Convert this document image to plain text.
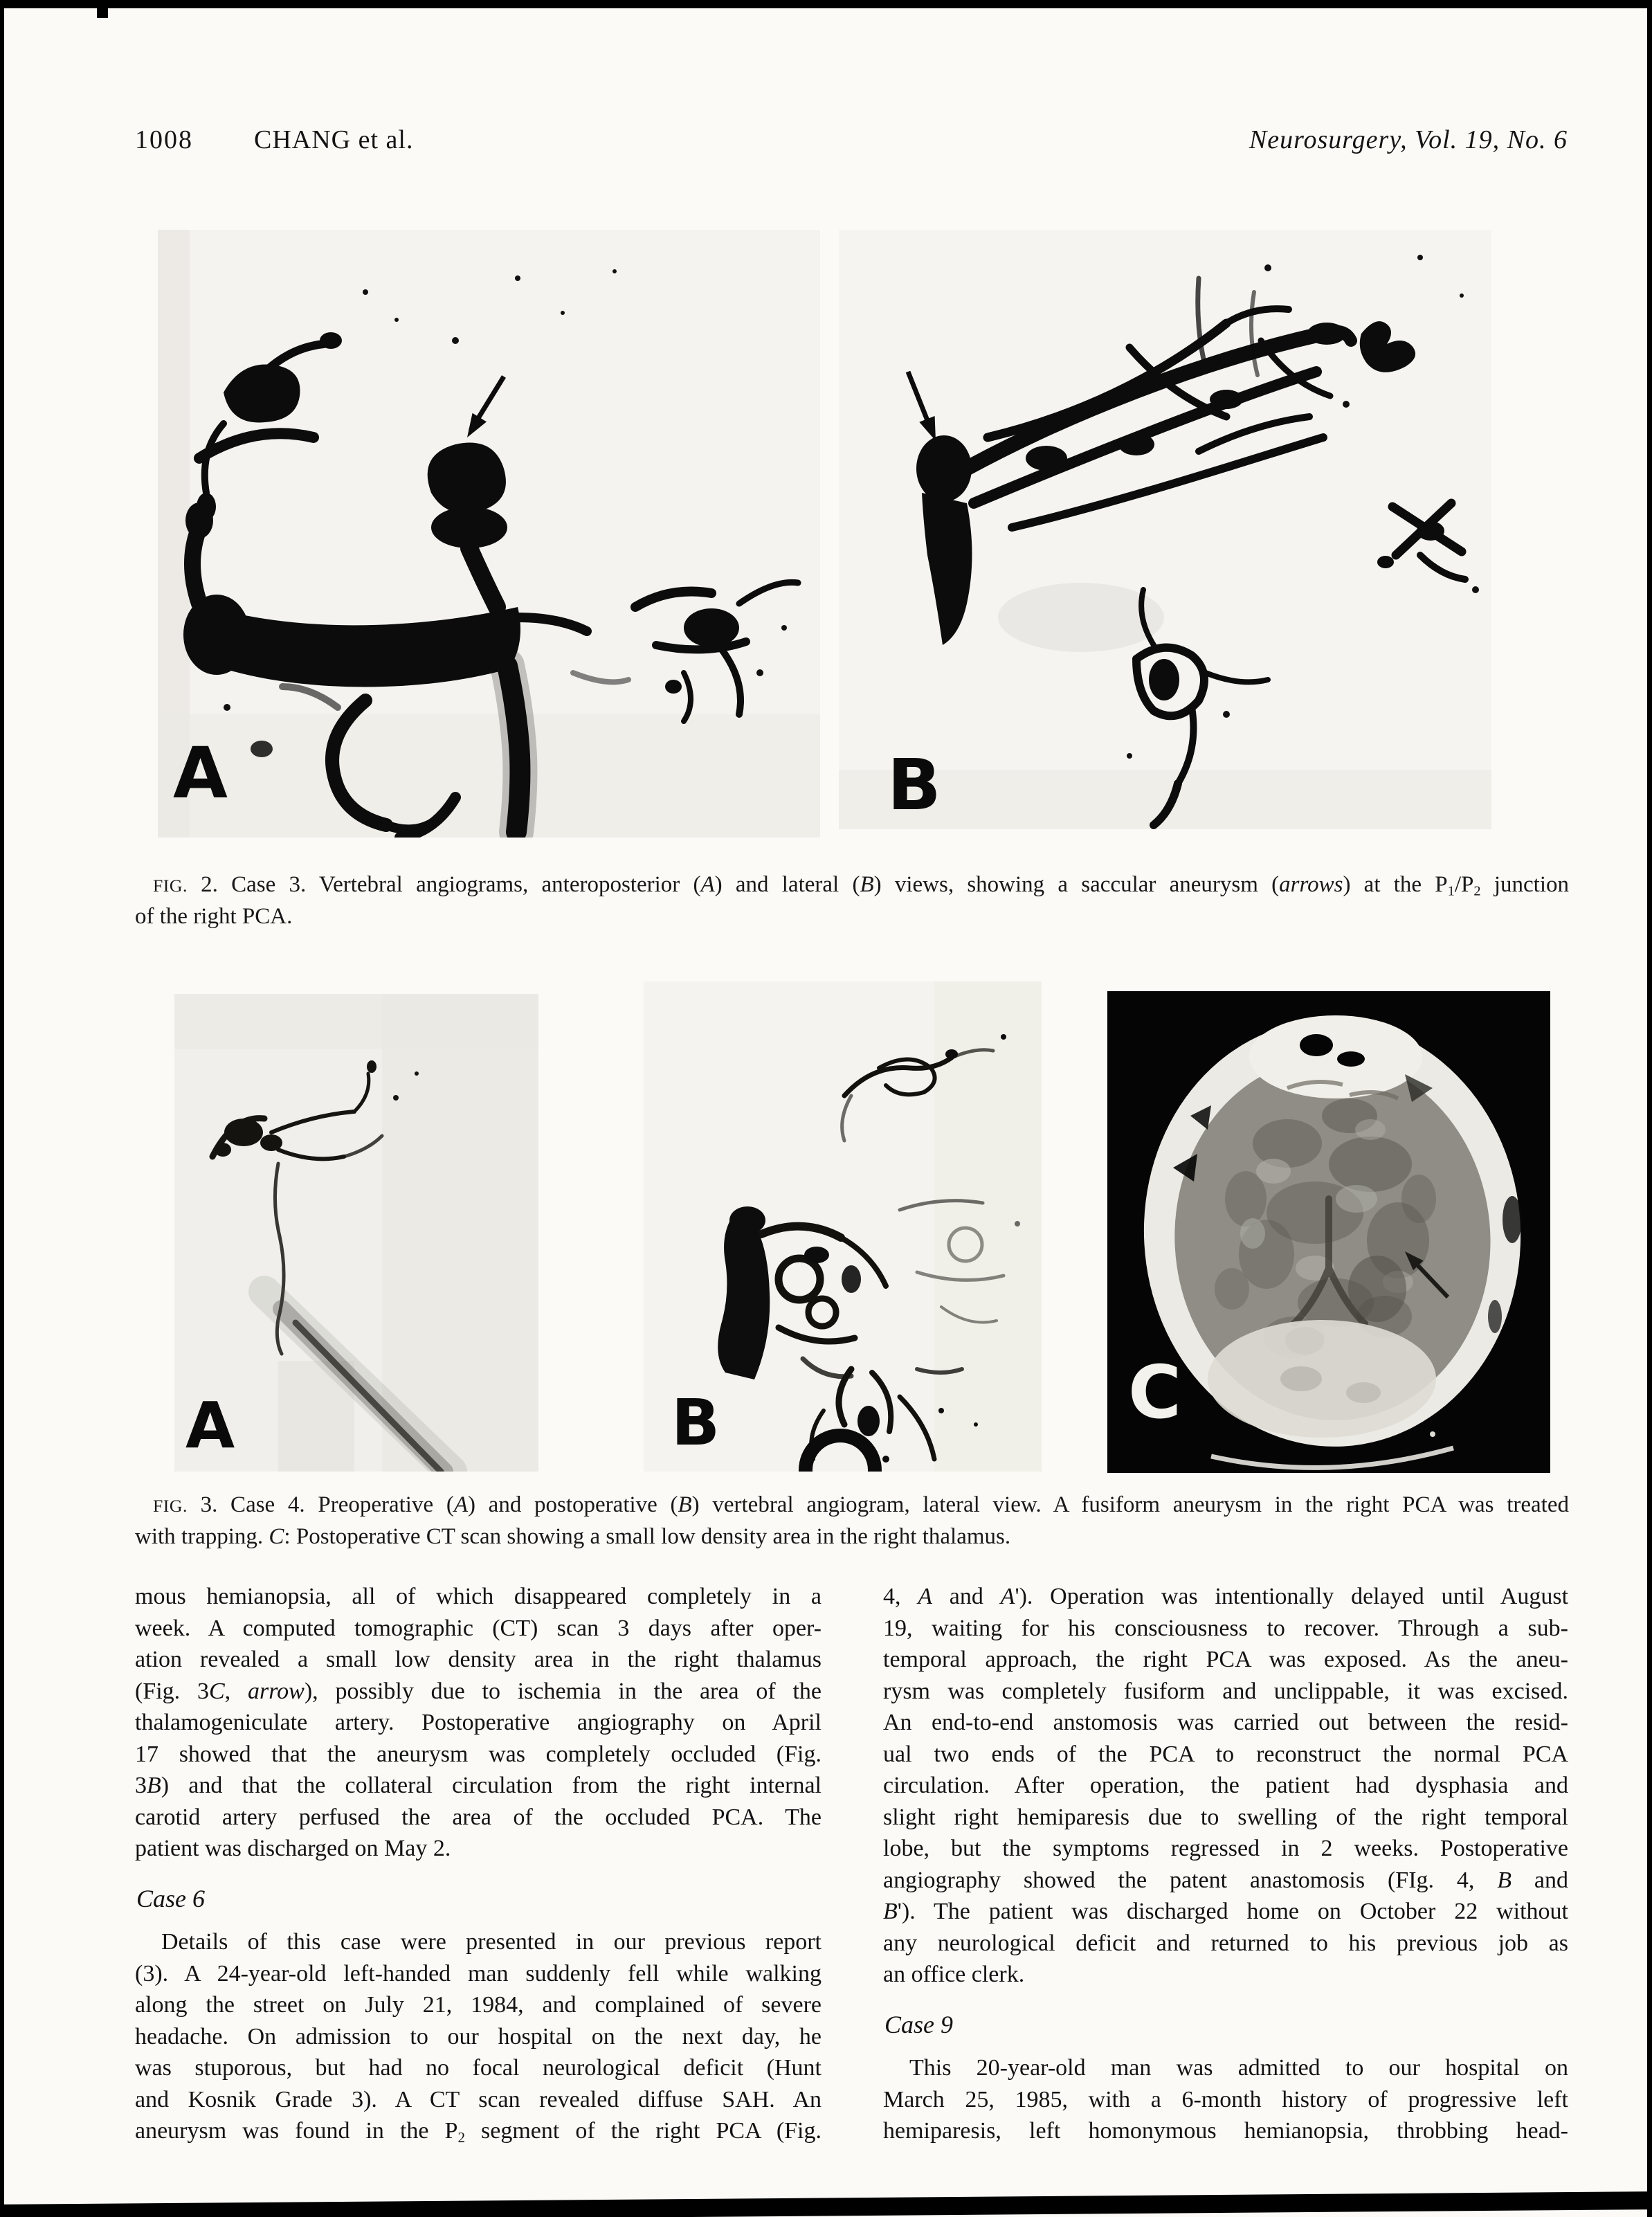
1008 CHANG et al.	Neurosurgery, Vol. 19, No. 6
A	B
FIG. 2. Case 3. Vertebral angiograms, anteroposterior (A) and lateral (B) views, showing a saccular aneurysm (arrows) at the $P_1/P_2$ junction
of the right PCA.
A	B	C
FIG. 3. Case 4. Preoperative (A) and postoperative (B) vertebral angiogram, lateral view. A fusiform aneurysm in the right PCA was treated
with trapping. C: Postoperative CT scan showing a small low density area in the right thalamus.
mous hemianopsia, all of which disappeared completely in a
week. A computed tomographic (CT) scan 3 days after oper-
ation revealed a small low density area in the right thalamus
(Fig. 3C, arrow), possibly due to ischemia in the area of the
thalamogeniculate artery. Postoperative angiography on April
17 showed that the aneurysm was completely occluded (Fig.
3B) and that the collateral circulation from the right internal
carotid artery perfused the area of the occluded PCA. The
patient was discharged on May 2.
Case 6
Details of this case were presented in our previous report
(3). A 24-year-old left-handed man suddenly fell while walking
along the street on July 21, 1984, and complained of severe
headache. On admission to our hospital on the next day, he
was stuporous, but had no focal neurological deficit (Hunt
and Kosnik Grade 3). A CT scan revealed diffuse SAH. An
aneurysm was found in the $P_2$ segment of the right PCA (Fig.
4, A and A'). Operation was intentionally delayed until August
19, waiting for his consciousness to recover. Through a sub-
temporal approach, the right PCA was exposed. As the aneu-
rysm was completely fusiform and unclippable, it was excised.
An end-to-end anstomosis was carried out between the resid-
ual two ends of the PCA to reconstruct the normal PCA
circulation. After operation, the patient had dysphasia and
slight right hemiparesis due to swelling of the right temporal
lobe, but the symptoms regressed in 2 weeks. Postoperative
angiography showed the patent anastomosis (FIg. 4, B and
B'). The patient was discharged home on October 22 without
any neurological deficit and returned to his previous job as
an office clerk.
Case 9
This 20-year-old man was admitted to our hospital on
March 25, 1985, with a 6-month history of progressive left
hemiparesis, left homonymous hemianopsia, throbbing head-
